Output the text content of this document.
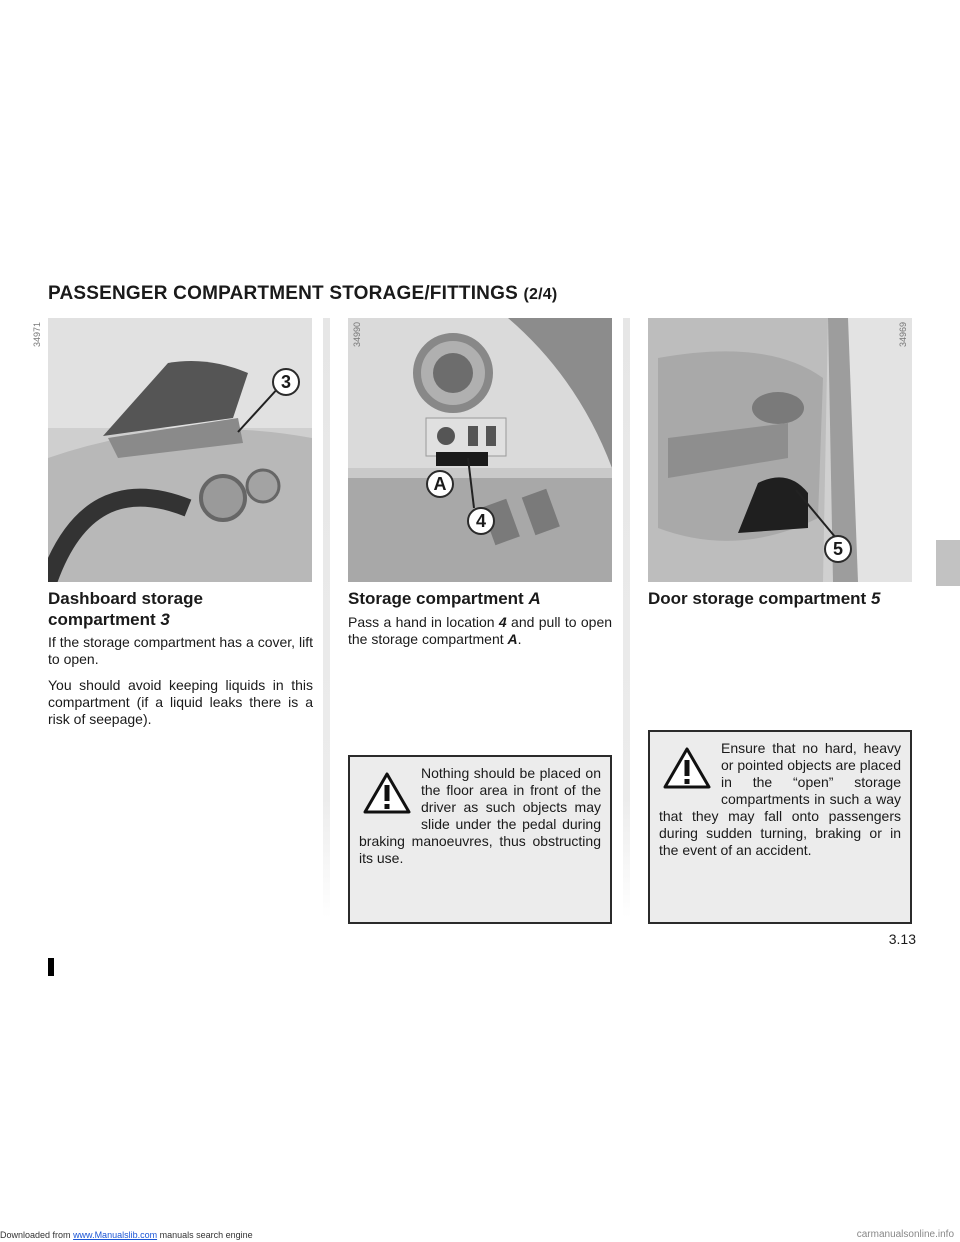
PASSENGER COMPARTMENT STORAGE/FITTINGS (2/4)
34971
3
34990
A
4
34969
5
Dashboard storage
compartment 3

If the storage compartment has a cover, lift to open.

You should avoid keeping liquids in this compartment (if a liquid leaks there is a risk of seepage).

Storage compartment A
Pass a hand in location 4 and pull to open the storage compartment A.
Nothing should be placed on the floor area in front of the driver as such objects may slide under the pedal during braking manoeuvres, thus obstructing its use.
Door storage compartment 5
Ensure that no hard, heavy or pointed objects are placed in the “open” storage compartments in such a way that they may fall onto passengers during sudden turning, braking or in the event of an accident.
3.13
Downloaded from www.Manualslib.com manuals search engine	carmanualsonline.info
